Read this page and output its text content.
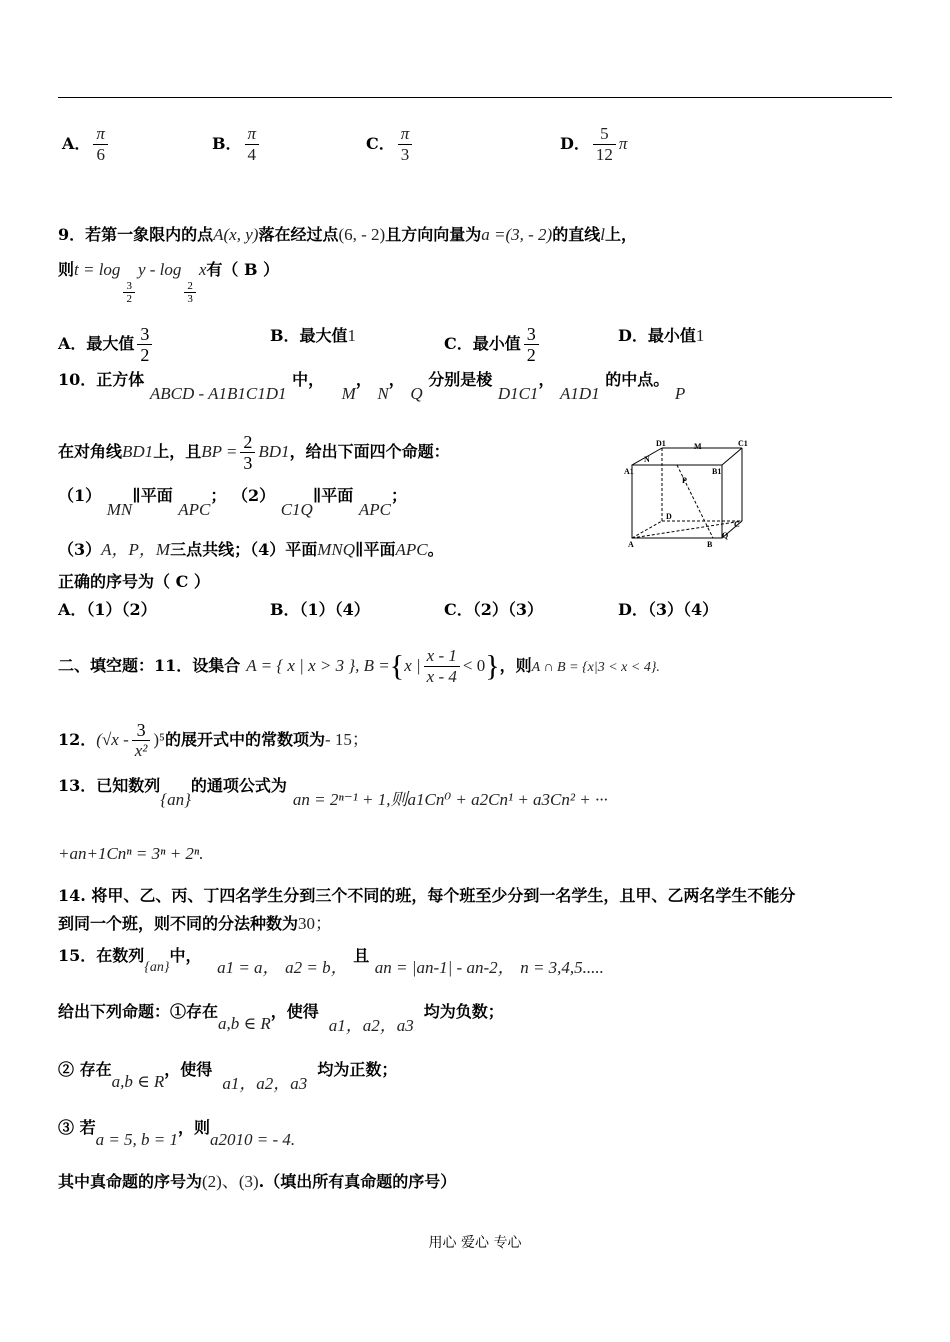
A． $\frac{\pi}{6}$	B． $\frac{\pi}{4}$	C． $\frac{\pi}{3}$	D． $\frac{5}{12}$ π
9．若第一象限内的点A(x, y)落在经过点(6, - 2)且方向向量为a =(3, - 2)的直线l上，
则t = log
$\frac{3}{2}$
y - log
$\frac{2}{3}$
x有（ B ）
A．最大值 $\frac{3}{2}$	B．最大值1	C．最小值 $\frac{3}{2}$	D．最小值1
10．正方体 ABCD - A1B1C1D1 中， M， N， Q 分别是棱 D1C1， A1D1 的中点。 P
在对角线BD1上，且BP = $\frac{2}{3} BD1$，给出下面四个命题：
（1） MN∥平面 APC； （2） C1Q∥平面 APC；
（3）A，P，M三点共线；（4）平面MNQ∥平面APC。
正确的序号为（ C ）
A．（1）（2）	B．（1）（4）	C．（2）（3）	D．（3）（4）
D1	M	C1
N
A1
P
B1
D
C
A	B
Q
二、填空题：11．设集合 A = { x | x > 3 }, B ={x | $\frac{x - 1}{x - 4} < 0$}，则A ∩ B = {x|3 < x < 4}.
12．$(√x - \frac{3}{\text{x²}} )^5$的展开式中的常数项为- 15；
13．已知数列{an}的通项公式为an = 2ⁿ⁻¹ + 1,则a1Cn⁰ + a2Cn¹ + a3Cn² + ···
+an+1Cnⁿ = 3ⁿ + 2ⁿ.
14. 将甲、乙、丙、丁四名学生分到三个不同的班，每个班至少分到一名学生，且甲、乙两名学生不能分
到同一个班，则不同的分法种数为30；
15．在数列{an}中， a1 = a， a2 = b， 且 an = |an-1| - an-2， n = 3,4,5.....
给出下列命题：①存在a,b ∈ R，使得a1，a2，a3均为负数；
② 存在a,b ∈ R，使得a1，a2，a3均为正数；
③ 若a = 5, b = 1，则a2010 = - 4.
其中真命题的序号为(2)、(3).（填出所有真命题的序号）
用心 爱心 专心
